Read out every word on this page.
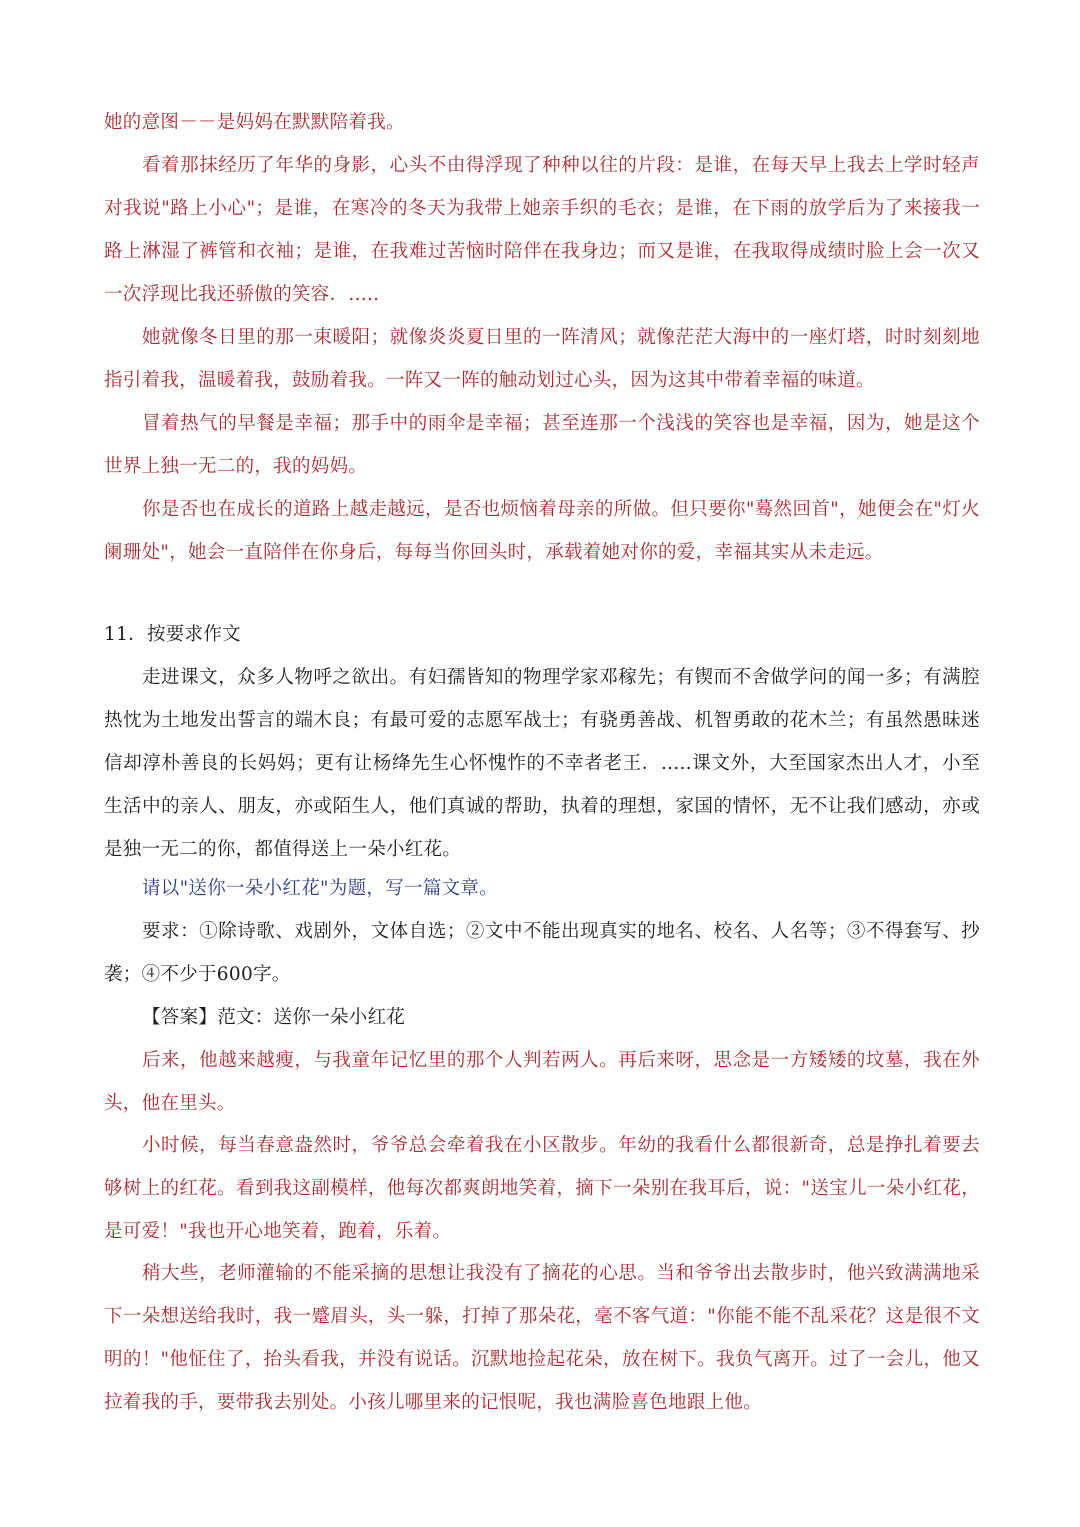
她的意图－－是妈妈在默默陪着我。

看着那抹经历了年华的身影，心头不由得浮现了种种以往的片段：是谁，在每天早上我去上学时轻声对我说"路上小心"；是谁，在寒冷的冬天为我带上她亲手织的毛衣；是谁，在下雨的放学后为了来接我一路上淋湿了裤管和衣袖；是谁，在我难过苦恼时陪伴在我身边；而又是谁，在我取得成绩时脸上会一次又一次浮现比我还骄傲的笑容．.....

她就像冬日里的那一束暖阳；就像炎炎夏日里的一阵清风；就像茫茫大海中的一座灯塔，时时刻刻地指引着我，温暖着我，鼓励着我。一阵又一阵的触动划过心头，因为这其中带着幸福的味道。

冒着热气的早餐是幸福；那手中的雨伞是幸福；甚至连那一个浅浅的笑容也是幸福，因为，她是这个世界上独一无二的，我的妈妈。

你是否也在成长的道路上越走越远，是否也烦恼着母亲的所做。但只要你"蓦然回首"，她便会在"灯火阑珊处"，她会一直陪伴在你身后，每每当你回头时，承载着她对你的爱，幸福其实从未走远。

11．按要求作文

走进课文，众多人物呼之欲出。有妇孺皆知的物理学家邓稼先；有锲而不舍做学问的闻一多；有满腔热忱为土地发出誓言的端木良；有最可爱的志愿军战士；有骁勇善战、机智勇敢的花木兰；有虽然愚昧迷信却淳朴善良的长妈妈；更有让杨绛先生心怀愧怍的不幸者老王．.....课文外，大至国家杰出人才，小至生活中的亲人、朋友，亦或陌生人，他们真诚的帮助，执着的理想，家国的情怀，无不让我们感动，亦或是独一无二的你，都值得送上一朵小红花。

请以"送你一朵小红花"为题，写一篇文章。

要求：①除诗歌、戏剧外，文体自选；②文中不能出现真实的地名、校名、人名等；③不得套写、抄袭；④不少于600字。

【答案】范文：送你一朵小红花

后来，他越来越瘦，与我童年记忆里的那个人判若两人。再后来呀，思念是一方矮矮的坟墓，我在外头，他在里头。

小时候，每当春意盎然时，爷爷总会牵着我在小区散步。年幼的我看什么都很新奇，总是挣扎着要去够树上的红花。看到我这副模样，他每次都爽朗地笑着，摘下一朵别在我耳后，说："送宝儿一朵小红花，是可爱！"我也开心地笑着，跑着，乐着。

稍大些，老师灌输的不能采摘的思想让我没有了摘花的心思。当和爷爷出去散步时，他兴致满满地采下一朵想送给我时，我一蹙眉头，头一躲，打掉了那朵花，毫不客气道："你能不能不乱采花？这是很不文明的！"他怔住了，抬头看我，并没有说话。沉默地捡起花朵，放在树下。我负气离开。过了一会儿，他又拉着我的手，要带我去别处。小孩儿哪里来的记恨呢，我也满脸喜色地跟上他。
